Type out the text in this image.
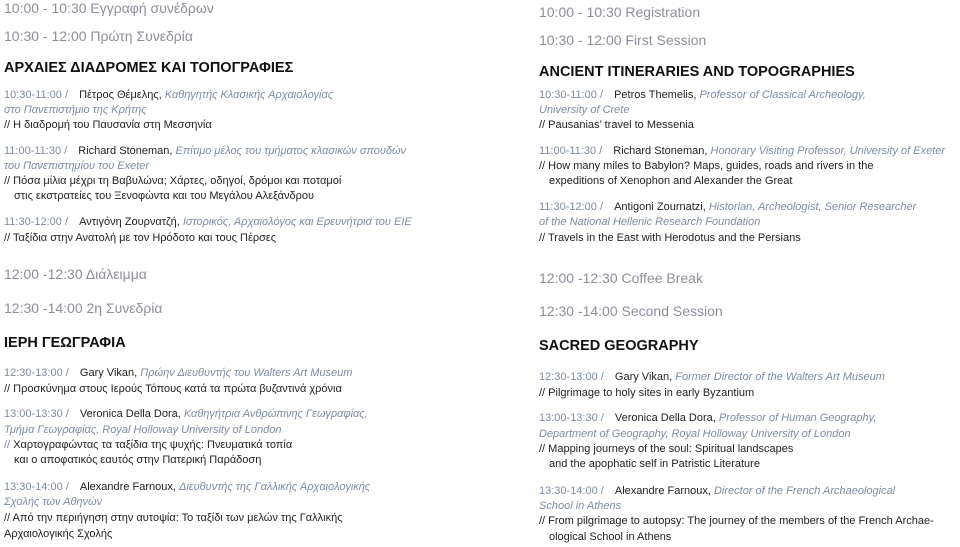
10:00 - 10:30 Εγγραφή συνέδρων
10:30 - 12:00 Πρώτη Συνεδρία
ΑΡΧΑΙΕΣ ΔΙΑΔΡΟΜΕΣ ΚΑΙ ΤΟΠΟΓΡΑΦΙΕΣ
10:30-11:00 / Πέτρος Θέμελης, Καθηγητής Κλασικής Αρχαιολογίας
στο Πανεπιστήμιο της Κρήτης
// Η διαδρομή του Παυσανία στη Μεσσηνία
11:00-11:30 / Richard Stoneman, Επίτιμο μέλος του τμήματος κλασικών σπουδών
του Πανεπιστημίου του Exeter
// Πόσα μίλια μέχρι τη Βαβυλώνα; Χάρτες, οδηγοί, δρόμοι και ποταμοί
στις εκστρατείες του Ξενοφώντα και του Μεγάλου Αλεξάνδρου
11:30-12:00 / Αντιγόνη Ζουρνατζή, Ιστορικός, Αρχαιολόγος και Ερευνήτρια του ΕΙΕ
// Ταξίδια στην Ανατολή με τον Ηρόδοτο και τους Πέρσες
12:00 -12:30 Διάλειμμα
12:30 -14:00 2η Συνεδρία
ΙΕΡΗ ΓΕΩΓΡΑΦΙΑ
12:30-13:00 / Gary Vikan, Πρώην Διευθυντής του Walters Art Museum
// Προσκύνημα στους Ιερούς Τόπους κατά τα πρώτα βυζαντινά χρόνια
13:00-13:30 / Veronica Della Dora, Καθηγήτρια Ανθρώπινης Γεωγραφίας,
Τμήμα Γεωγραφίας, Royal Holloway University of London
// Χαρτογραφώντας τα ταξίδια της ψυχής: Πνευματικά τοπία
και ο αποφατικός εαυτός στην Πατερική Παράδοση
13:30-14:00 / Alexandre Farnoux, Διευθυντής της Γαλλικής Αρχαιολογικής
Σχολής των Αθηνών
// Από την περιήγηση στην αυτοψία: Το ταξίδι των μελών της Γαλλικής
Αρχαιολογικής Σχολής
10:00 - 10:30 Registration
10:30 - 12:00 First Session
ANCIENT ITINERARIES AND TOPOGRAPHIES
10:30-11:00 / Petros Themelis, Professor of Classical Archeology,
University of Crete
// Pausanias’ travel to Messenia
11:00-11:30 / Richard Stoneman, Honorary Visiting Professor, University of Exeter
// How many miles to Babylon? Maps, guides, roads and rivers in the
expeditions of Xenophon and Alexander the Great
11:30-12:00 / Antigoni Zournatzi, Historian, Archeologist, Senior Researcher
of the National Hellenic Research Foundation
// Travels in the East with Herodotus and the Persians
12:00 -12:30 Coffee Break
12:30 -14:00 Second Session
SACRED GEOGRAPHY
12:30-13:00 / Gary Vikan, Former Director of the Walters Art Museum
// Pilgrimage to holy sites in early Byzantium
13:00-13:30 / Veronica Della Dora, Professor of Human Geography,
Department of Geography, Royal Holloway University of London
// Mapping journeys of the soul: Spiritual landscapes
and the apophatic self in Patristic Literature
13:30-14:00 / Alexandre Farnoux, Director of the French Archaeological
School in Athens
// From pilgrimage to autopsy: The journey of the members of the French Archae-
ological School in Athens
